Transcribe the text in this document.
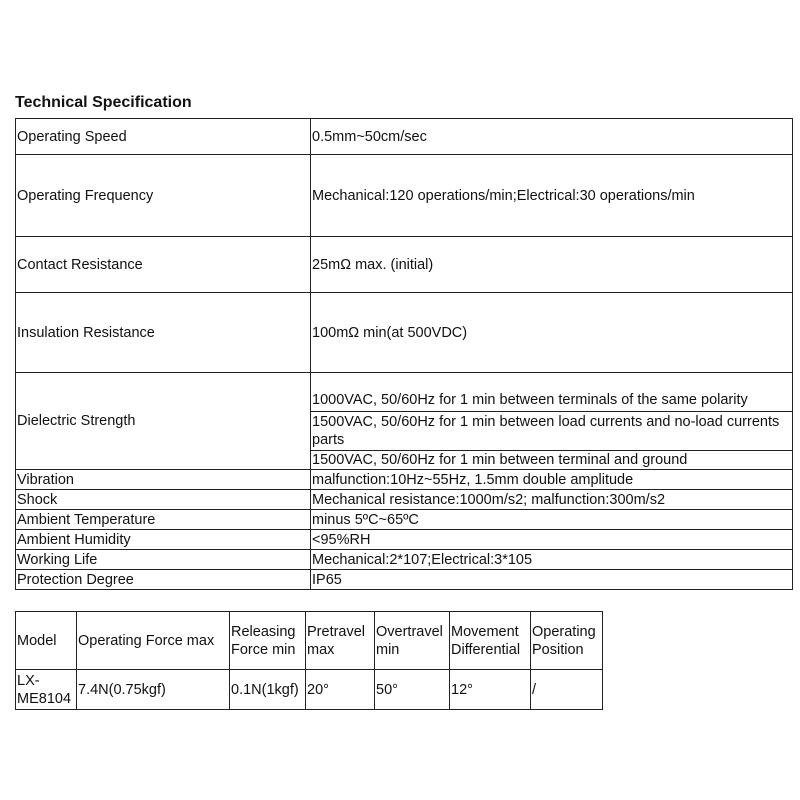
Technical Specification
Operating Speed	0.5mm~50cm/sec
Operating Frequency	Mechanical:120 operations/min;Electrical:30 operations/min
Contact Resistance	25mΩ max. (initial)
Insulation Resistance	100mΩ min(at 500VDC)
Dielectric Strength	1000VAC, 50/60Hz for 1 min between terminals of the same polarity
1500VAC, 50/60Hz for 1 min between load currents and no-load currents parts
1500VAC, 50/60Hz for 1 min between terminal and ground

Vibration	malfunction:10Hz~55Hz, 1.5mm double amplitude
Shock	Mechanical resistance:1000m/s2; malfunction:300m/s2
Ambient Temperature	minus 5ºC~65ºC
Ambient Humidity	<95%RH
Working Life	Mechanical:2*107;Electrical:3*105
Protection Degree	IP65
Model	Operating Force max	Releasing Force min	Pretravel max	Overtravel min	Movement Differential	Operating Position
LX-ME8104	7.4N(0.75kgf)	0.1N(1kgf)	20°	50°	12°	/
